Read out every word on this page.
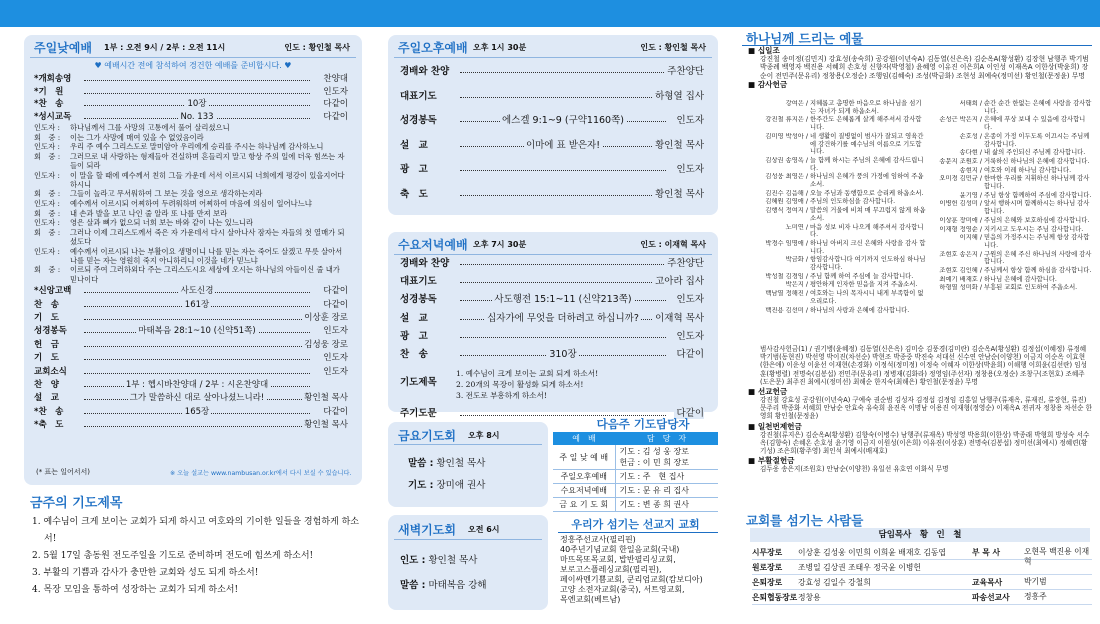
주일낮예배 1부 : 오전 9시 / 2부 : 오전 11시	인도 : 황인철 목사
♥ 예배시간 전에 참석하여 경건한 예배를 준비합시다. ♥
*개회송영	찬양대
*기　원	인도자
*찬　송	10장	다같이
*성시교독	No. 133	다같이
인도자 : 하나님께서 그를 사망의 고통에서 풀어 살리셨으니
회　중 : 이는 그가 사망에 매여 있을 수 없었음이라
인도자 : 우리 주 예수 그리스도로 말미암아 우리에게 승리를 주시는 하나님께 감사하노니
회　중 : 그러므로 내 사랑하는 형제들아 견실하며 흔들리지 말고 항상 주의 일에 더욱 힘쓰는 자들이 되라
인도자 : 이 말을 할 때에 예수께서 친히 그들 가운데 서서 이르시되 너희에게 평강이 있을지어다 하시니
회　중 : 그들이 놀라고 무서워하여 그 보는 것을 영으로 생각하는지라
인도자 : 예수께서 이르시되 어찌하여 두려워하며 어찌하여 마음에 의심이 일어나느냐
회　중 : 내 손과 발을 보고 나인 줄 알라 또 나를 만져 보라
인도자 : 영은 살과 뼈가 없으되 너희 보는 바와 같이 나는 있느니라
회　중 : 그러나 이제 그리스도께서 죽은 자 가운데서 다시 살아나사 잠자는 자들의 첫 열매가 되셨도다
인도자 : 예수께서 이르시되 나는 부활이요 생명이니 나를 믿는 자는 죽어도 살겠고 무릇 살아서 나를 믿는 자는 영원히 죽지 아니하리니 이것을 네가 믿느냐
회　중 : 이르되 주여 그러하외다 주는 그리스도시요 세상에 오시는 하나님의 아들이신 줄 내가 믿나이다
*신앙고백	사도신경	다같이
찬　송	161장	다같이
기　도	이상훈 장로
성경봉독	마태복음 28:1~10 (신약51쪽)	인도자
헌　금	김성웅 장로
기　도	인도자
교회소식	인도자
찬　양	1부 : 헵시바찬양대 / 2부 : 시온찬양대
설　교	그가 말씀하신 대로 살아나셨느니라!	황인철 목사
*찬　송	165장	다같이
*축　도	황인철 목사
(* 표는 일어서서)	※ 오늘 설교는 www.nambusan.or.kr에서 다시 보실 수 있습니다.
금주의 기도제목
1. 예수님이 크게 보이는 교회가 되게 하시고 여호와의 기이한 일들을 경험하게 하소서!
2. 5월 17일 총동원 전도주일을 기도로 준비하며 전도에 힘쓰게 하소서!
3. 부활의 기쁨과 감사가 충만한 교회와 성도 되게 하소서!
4. 목장 모임을 통하여 성장하는 교회가 되게 하소서!
주일오후예배 오후 1시 30분	인도 : 황인철 목사
경배와 찬양	주찬양단
대표기도	하형열 집사
성경봉독	에스겔 9:1~9 (구약1160쪽)	인도자
설　교	이마에 표 받은자!	황인철 목사
광　고	인도자
축　도	황인철 목사
수요저녁예배 오후 7시 30분	인도 : 이재혁 목사
경배와 찬양	주찬양단
대표기도	고아라 집사
성경봉독	사도행전 15:1~11 (신약213쪽)	인도자
설　교	십자가에 무엇을 더하려고 하십니까?	이재혁 목사
광　고	인도자
찬　송	310장	다같이
기도제목
1. 예수님이 크게 보이는 교회 되게 하소서!
2. 20개의 목장이 활성화 되게 하소서!
3. 전도로 부흥하게 하소서!
주기도문	다같이
금요기도회 오후 8시
말씀 : 황인철 목사
기도 : 장미애 권사
새벽기도회 오전 6시
인도 : 황인철 목사
말씀 : 마태복음 강해
다음주 기도담당자
예　배	담　당　자
주 일 낮 예 배	기도 : 김 성 웅 장로
헌금 : 이 민 희 장로
주일오후예배	기도 : 주　현 집사
수요저녁예배	기도 : 문 유 리 집사
금 요 기 도 회	기도 : 변 종 희 권사
우리가 섬기는 선교지 교회
정흥주선교사(필리핀)
40주년기념교회 한일음교회(국내)
마뜨목또목교회, 밥반펼리싱교회,
보로고스플레싱교회(필리핀),
페이싸멘기쁨교회, 쿤리엄교회(캄보디아)
고양 소전자교회(중국), 서트영교회,
목엔교회(베트남)
하나님께 드리는 예물
■ 십일조
강진철 송미정(김민지) 강효성(송숙희) 공강원(이년숙A) 김동열(신은옥) 김순옥A(황성환) 김장현 남행주 박기범 박종례 백영자 백진용 서혜희 손호성 신향자(박영철) 윤혜영 이유진 이은희A 이인성 이재옥A 이한상(박윤희) 장순이 전민주(문유리) 정창용(오정순) 조행임(김혜숙) 조성(박금화) 조현성 최예숙(정미선) 황인철(문정윤) 무명
■ 감사헌금
강여은 / 지혜롭고 총명한 마음으로 하나님을 섬기는 자녀가 되게 하옵소서.
강진철 류지은 / 한주간도 은혜롭게 살게 해주셔서 감사합니다.
김미영 박성아 / 네 생활이 질병없이 범사가 잘되고 영육간에 강건하기를 예수님의 이름으로 기도합니다.
김상권 송영옥 / 늘 함께 하시는 주님의 은혜에 감사드립니다.
김성웅 최영은 / 하나님의 은혜가 풍의 가정에 임하여 주옵소서.
김진수 김음해 / 오늘 주님과 동행함으로 승리케 하옵소서.
김혜원 김영애 / 주님의 인도하심을 감사합니다.
김행식 정여지 / 말씀의 거울에 비쳐 매 무끄럽지 않게 하옵소서.
노미연 / 마음 성보 비자 나으게 해주셔서 감사합니다.
박경수 임명애 / 하나님 아버지 크신 은혜와 사랑을 감사 합니다.
박금화 / 항임감사합니다 여기까지 인도하심 하나님 감사합니다.
박성철 김경임 / 주님 함께 하여 주심에 늘 감사합니다.
박은지 / 평안하게 인자한 믿음을 지켜 주옵소서.
백남열 정해진 / 여호와는 나의 목자시니 내게 부족함이 없으리로다.
백진용 김선미 / 하나님의 사랑과 은혜에 감사합니다.
서태희 / 순간 순간 한없는 은혜에 사랑을 감사합니다.
손성근 박은지 / 은혜에 푸상 보내 수 있음에 감사합니다.
손호성 / 온종이 가정 이두도록 이끄시는 주님께 감사합니다.
송다현 / 내 삶의 주인되신 주님께 감사합니다.
송문지 조원호 / 거룩하신 하나님의 은혜에 감사합니다.
송현지 / 여호와 이레 하나님 감사합니다.
오미경 김민규 / 한마한 우리를 지휘하신 하나님께 감사합니다.
윤기영 / 주님 항상 함께하여 주심에 감사합니다.
이병헌 김성미 / 앞서 행하시며 함께하시는 하나님 감사합니다.
이상훈 장미애 / 주님의 은혜와 보호하심에 감사합니다.
이재형 정영순 / 지키시고 도우시는 주님 감사합니다.
이지혜 / 믿음의 가정주시는 주님께 항상 감사합니다.
조현호 송은지 / 구원의 은혜 주신 하나님의 사랑에 감사합니다.
조현호 김인혜 / 주님께서 항상 함께 하심을 감사합니다.
최예기 배재호 / 하나님 은혜에 감사합니다.
하형열 성미화 / 부흥된 교회로 인도하여 주옵소서.
범사감사헌금(1) / 권기병(윤혜정) 김동열(신은옥) 김미승 김풍경(김미란) 김순옥A(황성환) 김정섭(이혜정) 류정혜 박기범(동현진) 박선영 박이진(차선순) 박현조 박종중 박진숙 서대선 신수연 안남순(이양천) 이금지 이순옥 이효현(한은애) 이운성 이윤선 이재현(손경화) 이정석(정미정) 이정숙 이혜자 이한상(박윤희) 이해행 이희윤(김선란) 임성훈(황병렬) 전명숙(김봉섭) 전민주(문유리) 정병재(김화라) 정영임(주선자) 정창용(오정순) 조창구(조현호) 조혜주(도은문) 최주진 최예시(정미선) 최해순 한지숙(최해은) 황인철(문정윤) 무명
■ 선교헌금
강진철 강효성 공강원(이년숙A) 구예숙 권순범 김성자 김정섭 김정임 김홍일 남행주(류재옥, 류재진, 류장현, 류진) 문주리 박종화 서혜희 안남순 안효숙 유숙희 윤진옥 이명남 이용진 이재형(정영순) 이재옥A 전귀자 정창용 차선순 한영희 황인철(문정윤)
■ 일천번제헌금
강진철(류지은) 김순옥A(황성환) 김향숙(이병수) 남행주(류재옥) 박성영 박용희(이한상) 박종래 박형희 방성숙 서수옥(김향숙) 손혜온 손호성 윤기영 이금지 이원성(이은희) 이유진(이상훈) 전명숙(김봉섭) 정미선(최예시) 정혜련(황기성) 조은희(황주영) 최인석 최예시(배재호)
■ 부활절헌금
김두웅 송은지(조원호) 안남순(이양천) 유일선 유호연 이화식 무명
교회를 섬기는 사람들
담임목사　황　인　철
시무장로 이상훈 김성웅 이민희 이희윤 배재호 김동엽	부 목 사	오현목 백진용 이재혁
원로장로 조병일 김상권 조태우 정국윤 이병헌
은퇴장로 강효성 김일수 강철희	교육목사	박기범
은퇴협동장로 정창용	파송선교사 정흥주
